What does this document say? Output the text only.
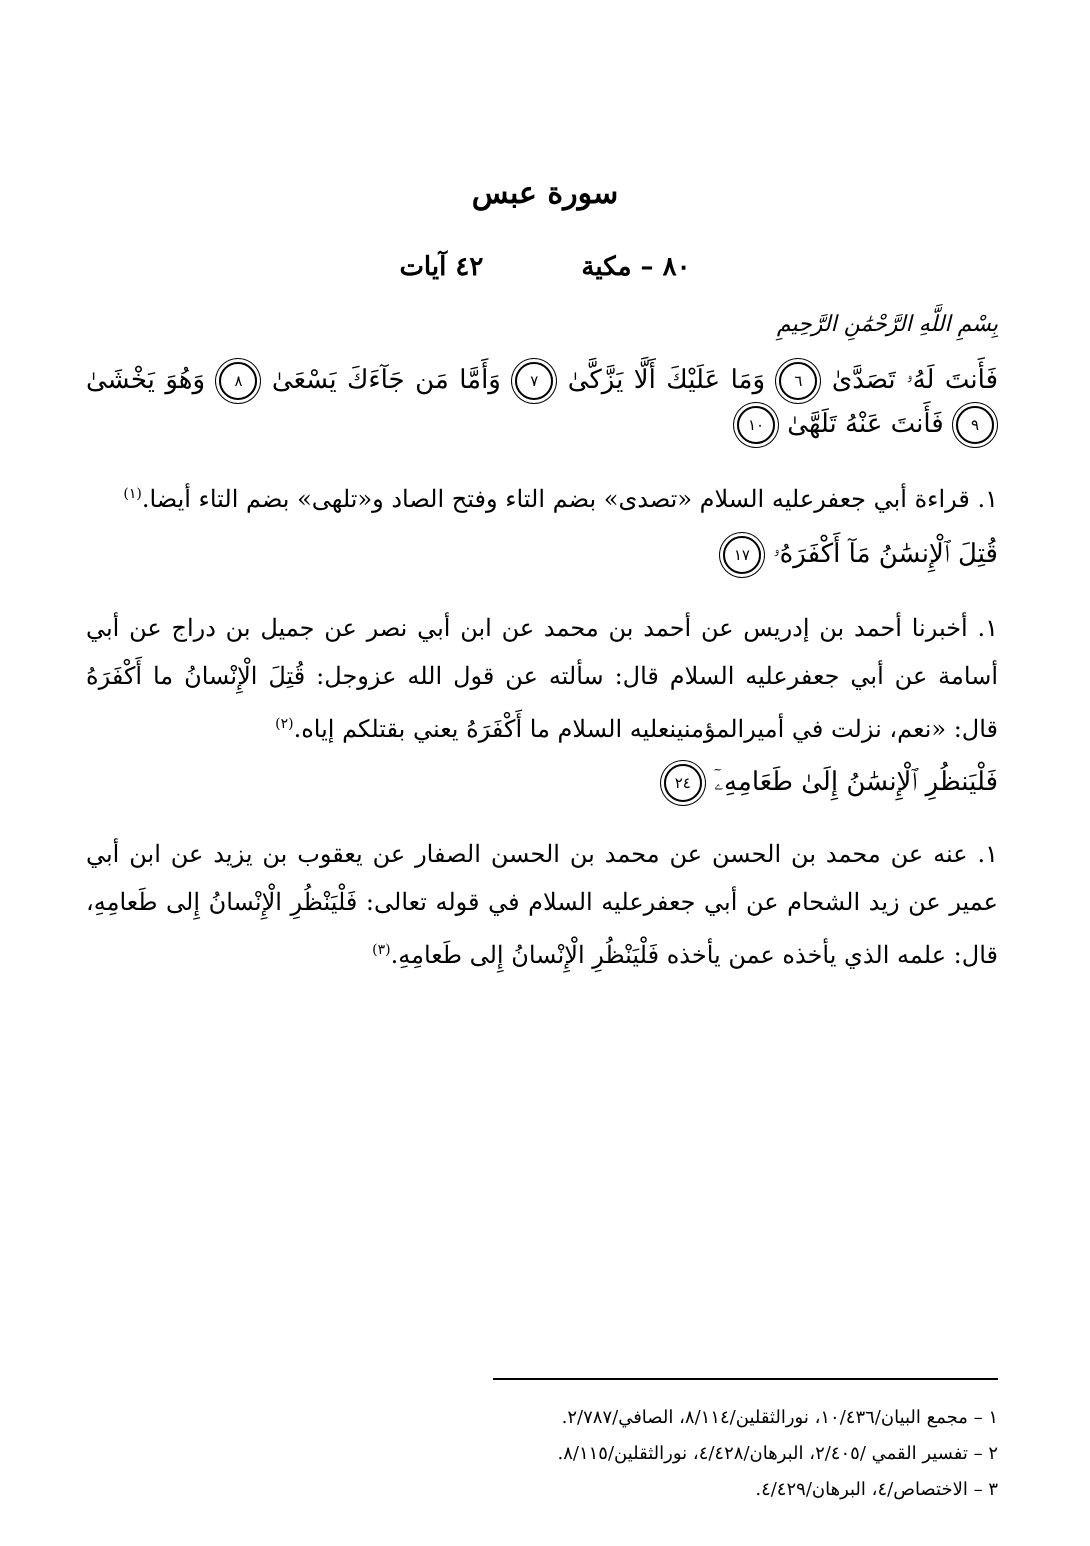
سورة عبس
٨٠ – مكية  ٤٢ آيات
بِسْمِ اللَّهِ الرَّحْمَٰنِ الرَّحِيمِ
فَأَنتَ لَهُۥ تَصَدَّىٰ ٦ وَمَا عَلَيْكَ أَلَّا يَزَّكَّىٰ ٧ وَأَمَّا مَن جَآءَكَ يَسْعَىٰ ٨ وَهُوَ يَخْشَىٰ ٩ فَأَنتَ عَنْهُ تَلَهَّىٰ ١٠
١. قراءة أبي جعفرعليه السلام «تصدى» بضم التاء وفتح الصاد و«تلهى» بضم التاء أيضا.$^{(١)}$
قُتِلَ ٱلْإِنسَٰنُ مَآ أَكْفَرَهُۥ ١٧
١. أخبرنا أحمد بن إدريس عن أحمد بن محمد عن ابن أبي نصر عن جميل بن دراج عن أبي أسامة عن أبي جعفرعليه السلام قال: سألته عن قول الله عزوجل: قُتِلَ الْإِنْسانُ ما أَكْفَرَهُ قال: «نعم، نزلت في أميرالمؤمنينعليه السلام ما أَكْفَرَهُ يعني بقتلكم إياه.$^{(٢)}$
فَلْيَنظُرِ ٱلْإِنسَٰنُ إِلَىٰ طَعَامِهِۦٓ ٢٤
١. عنه عن محمد بن الحسن عن محمد بن الحسن الصفار عن يعقوب بن يزيد عن ابن أبي عمير عن زيد الشحام عن أبي جعفرعليه السلام في قوله تعالى: فَلْيَنْظُرِ الْإِنْسانُ إِلى طَعامِهِ، قال: علمه الذي يأخذه عمن يأخذه فَلْيَنْظُرِ الْإِنْسانُ إِلى طَعامِهِ.$^{(٣)}$
١ – مجمع البيان/١٠/٤٣٦، نورالثقلين/٨/١١٤، الصافي/٢/٧٨٧.
٢ – تفسير القمي /٢/٤٠٥، البرهان/٤/٤٢٨، نورالثقلين/٨/١١٥.
٣ – الاختصاص/٤، البرهان/٤/٤٢٩.
